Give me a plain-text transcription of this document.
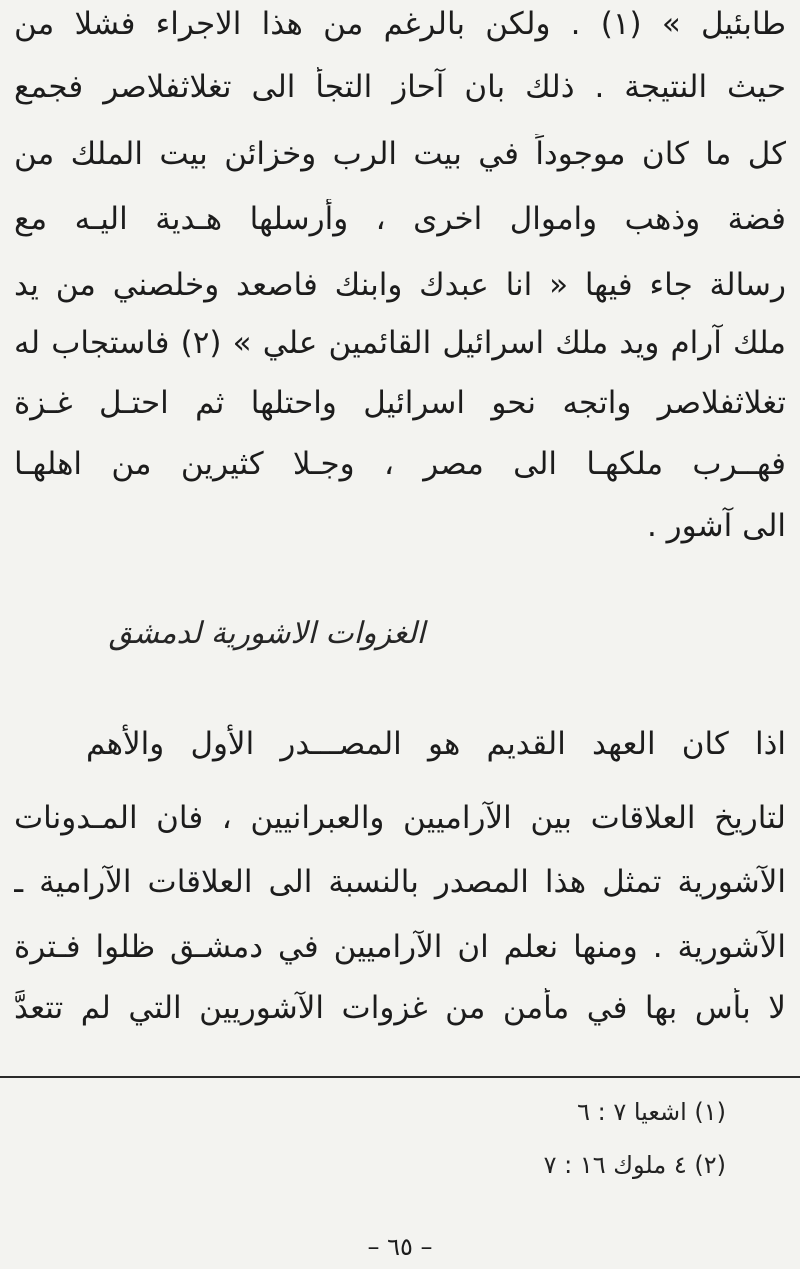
طابئيل » (١) . ولكن بالرغم من هذا الاجراء فشلا من
حيث النتيجة . ذلك بان آحاز التجأ الى تغلاثفلاصر فجمع
كل ما كان موجوداً في بيت الرب وخزائن بيت الملك من
فضة وذهب واموال اخرى ، وأرسلها هـدية اليـه مع
رسالة جاء فيها « انا عبدك وابنك فاصعد وخلصني من يد
ملك آرام ويد ملك اسرائيل القائمين علي » (٢) فاستجاب له
تغلاثفلاصر واتجه نحو اسرائيل واحتلها ثم احتـل غـزة
فهــرب ملكهـا الى مصر ، وجـلا كثيرين من اهلهـا
الى آشور .
الغزوات الاشورية لدمشق
اذا كان العهد القديم هو المصـــدر الأول والأهم
لتاريخ العلاقات بين الآراميين والعبرانيين ، فان المـدونات
الآشورية تمثل هذا المصدر بالنسبة الى العلاقات الآرامية ـ
الآشورية . ومنها نعلم ان الآراميين في دمشـق ظلوا فـترة
لا بأس بها في مأمن من غزوات الآشوريين التي لم تتعدَّ
(١) اشعيا ٧ : ٦
(٢) ٤ ملوك ١٦ : ٧
– ٦٥ –
